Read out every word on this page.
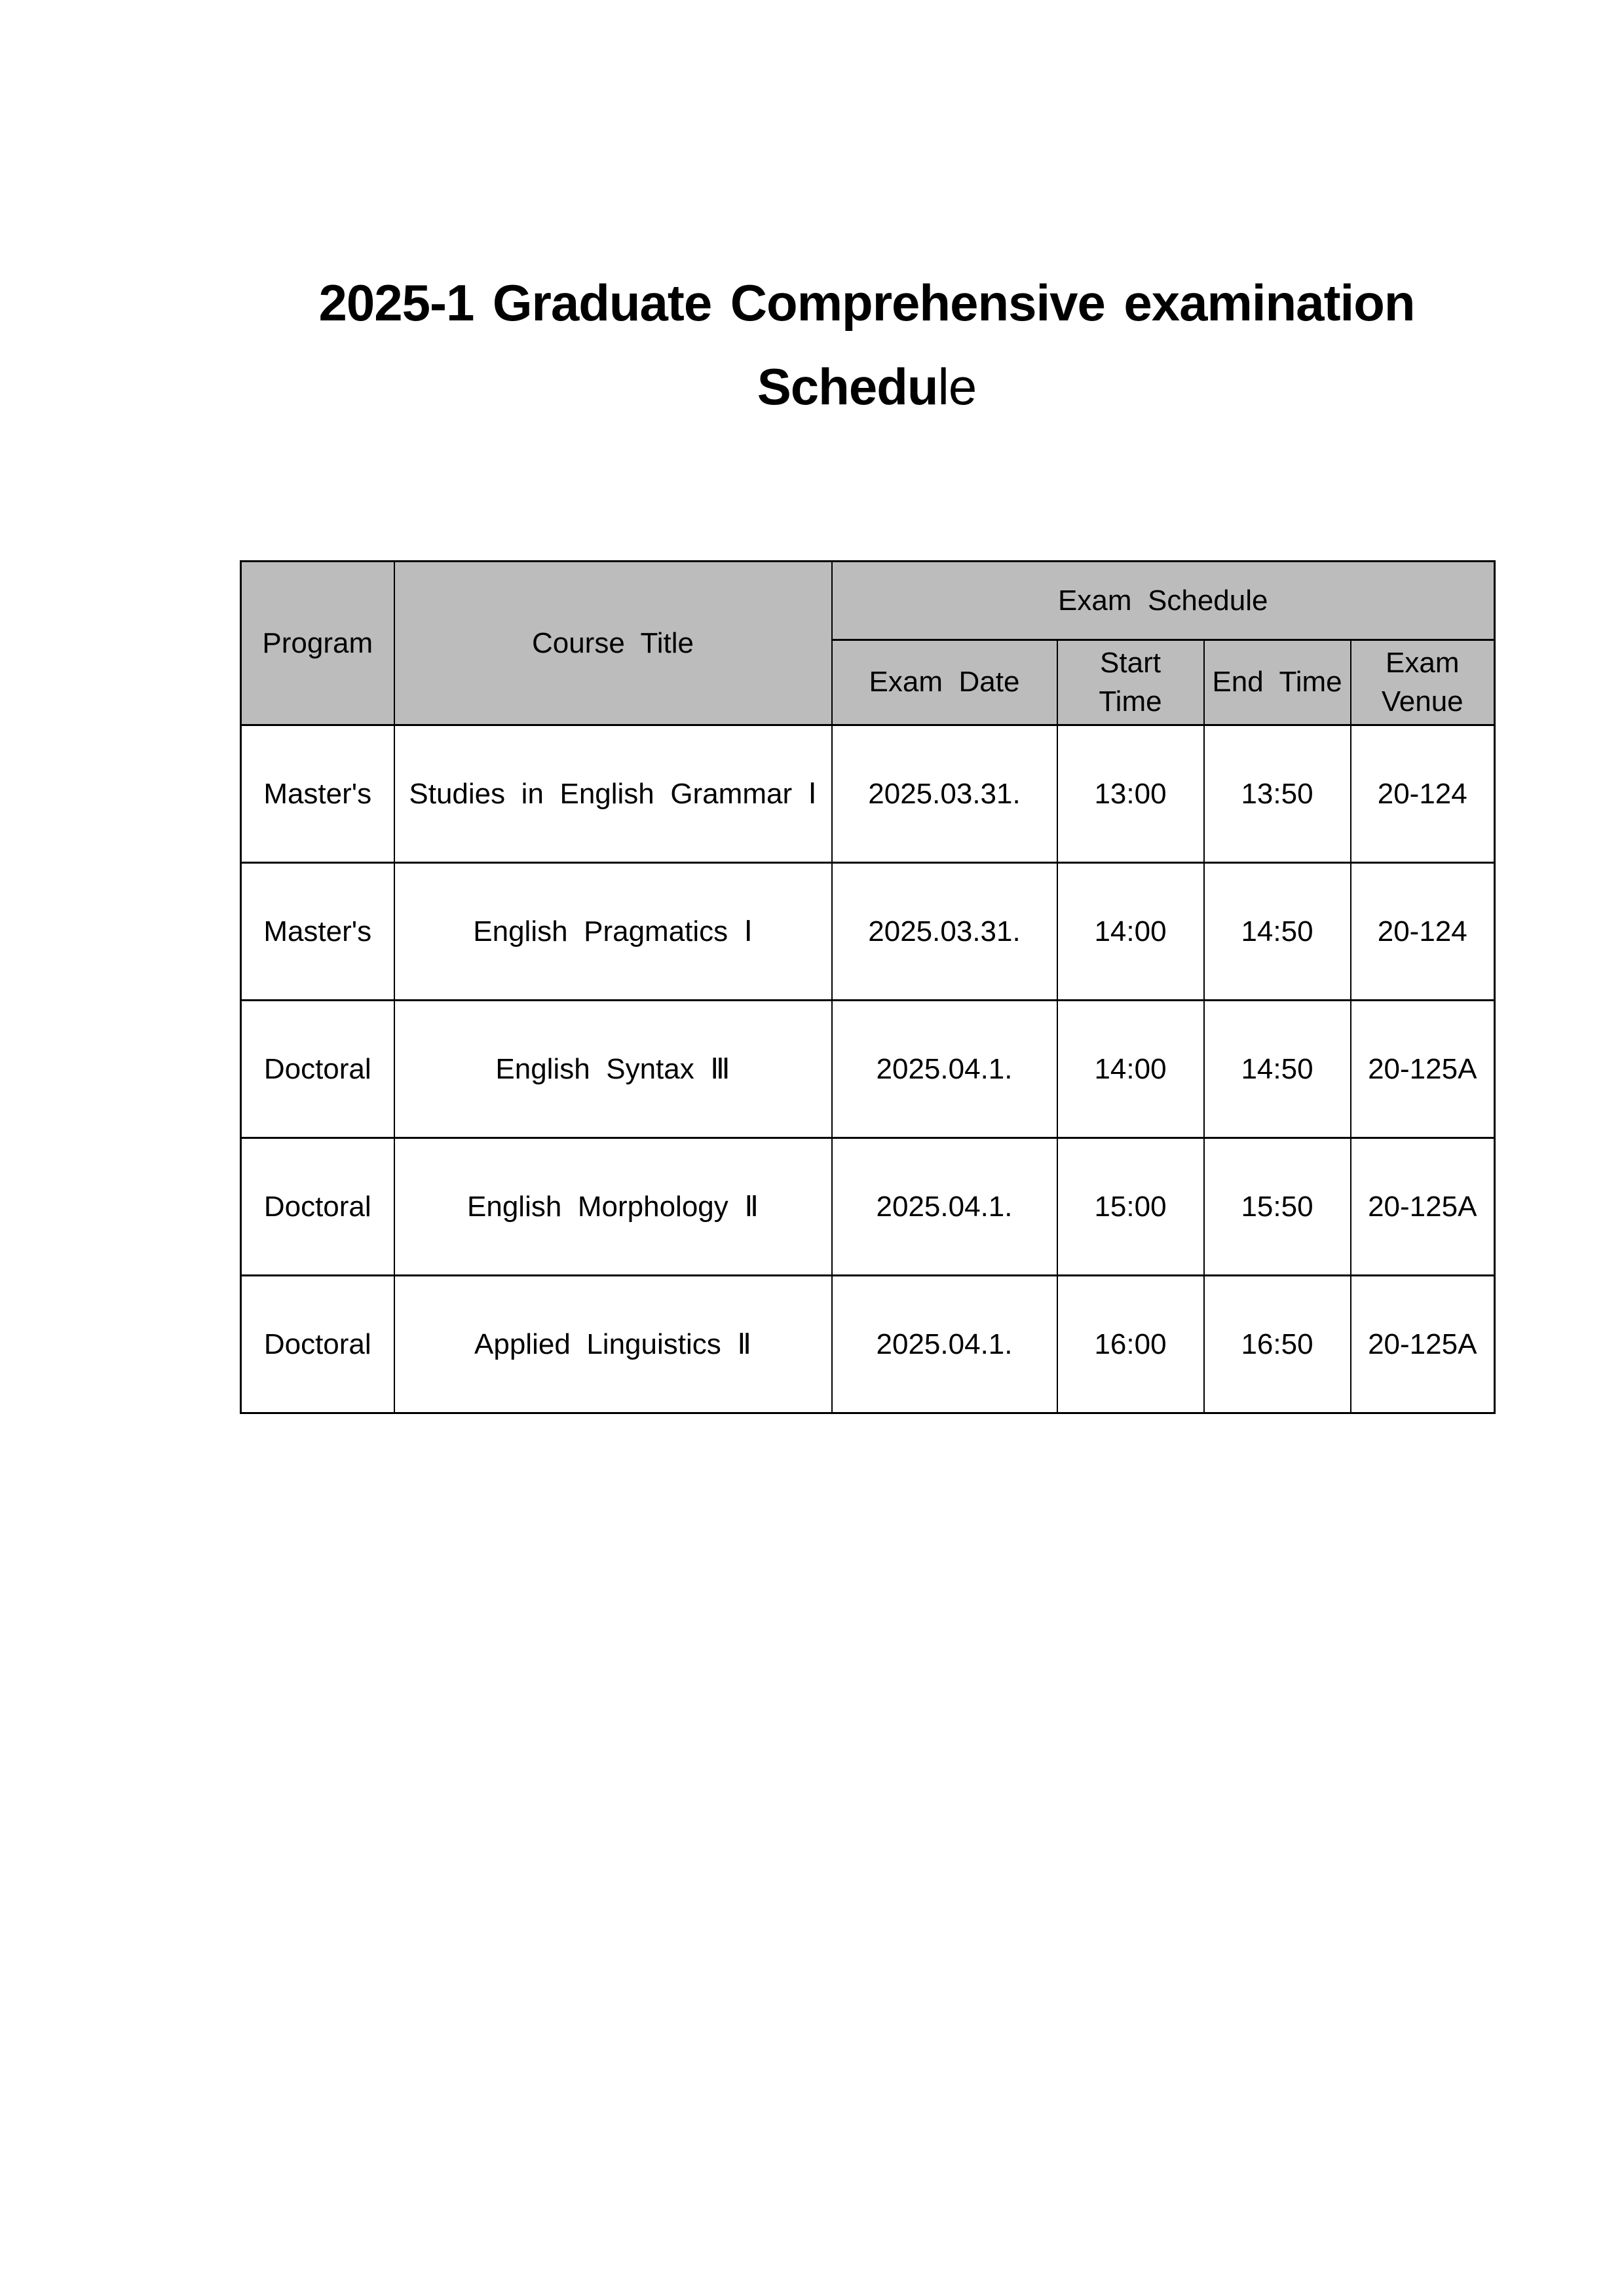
2025-1 Graduate Comprehensive examination
Schedule
Program	Course Title	Exam Schedule			
		Exam Date	Start Time	End Time	Exam Venue
Master's	Studies in English Grammar Ⅰ	2025.03.31.	13:00	13:50	20-124
Master's	English Pragmatics Ⅰ	2025.03.31.	14:00	14:50	20-124
Doctoral	English Syntax Ⅲ	2025.04.1.	14:00	14:50	20-125A
Doctoral	English Morphology Ⅱ	2025.04.1.	15:00	15:50	20-125A
Doctoral	Applied Linguistics Ⅱ	2025.04.1.	16:00	16:50	20-125A
